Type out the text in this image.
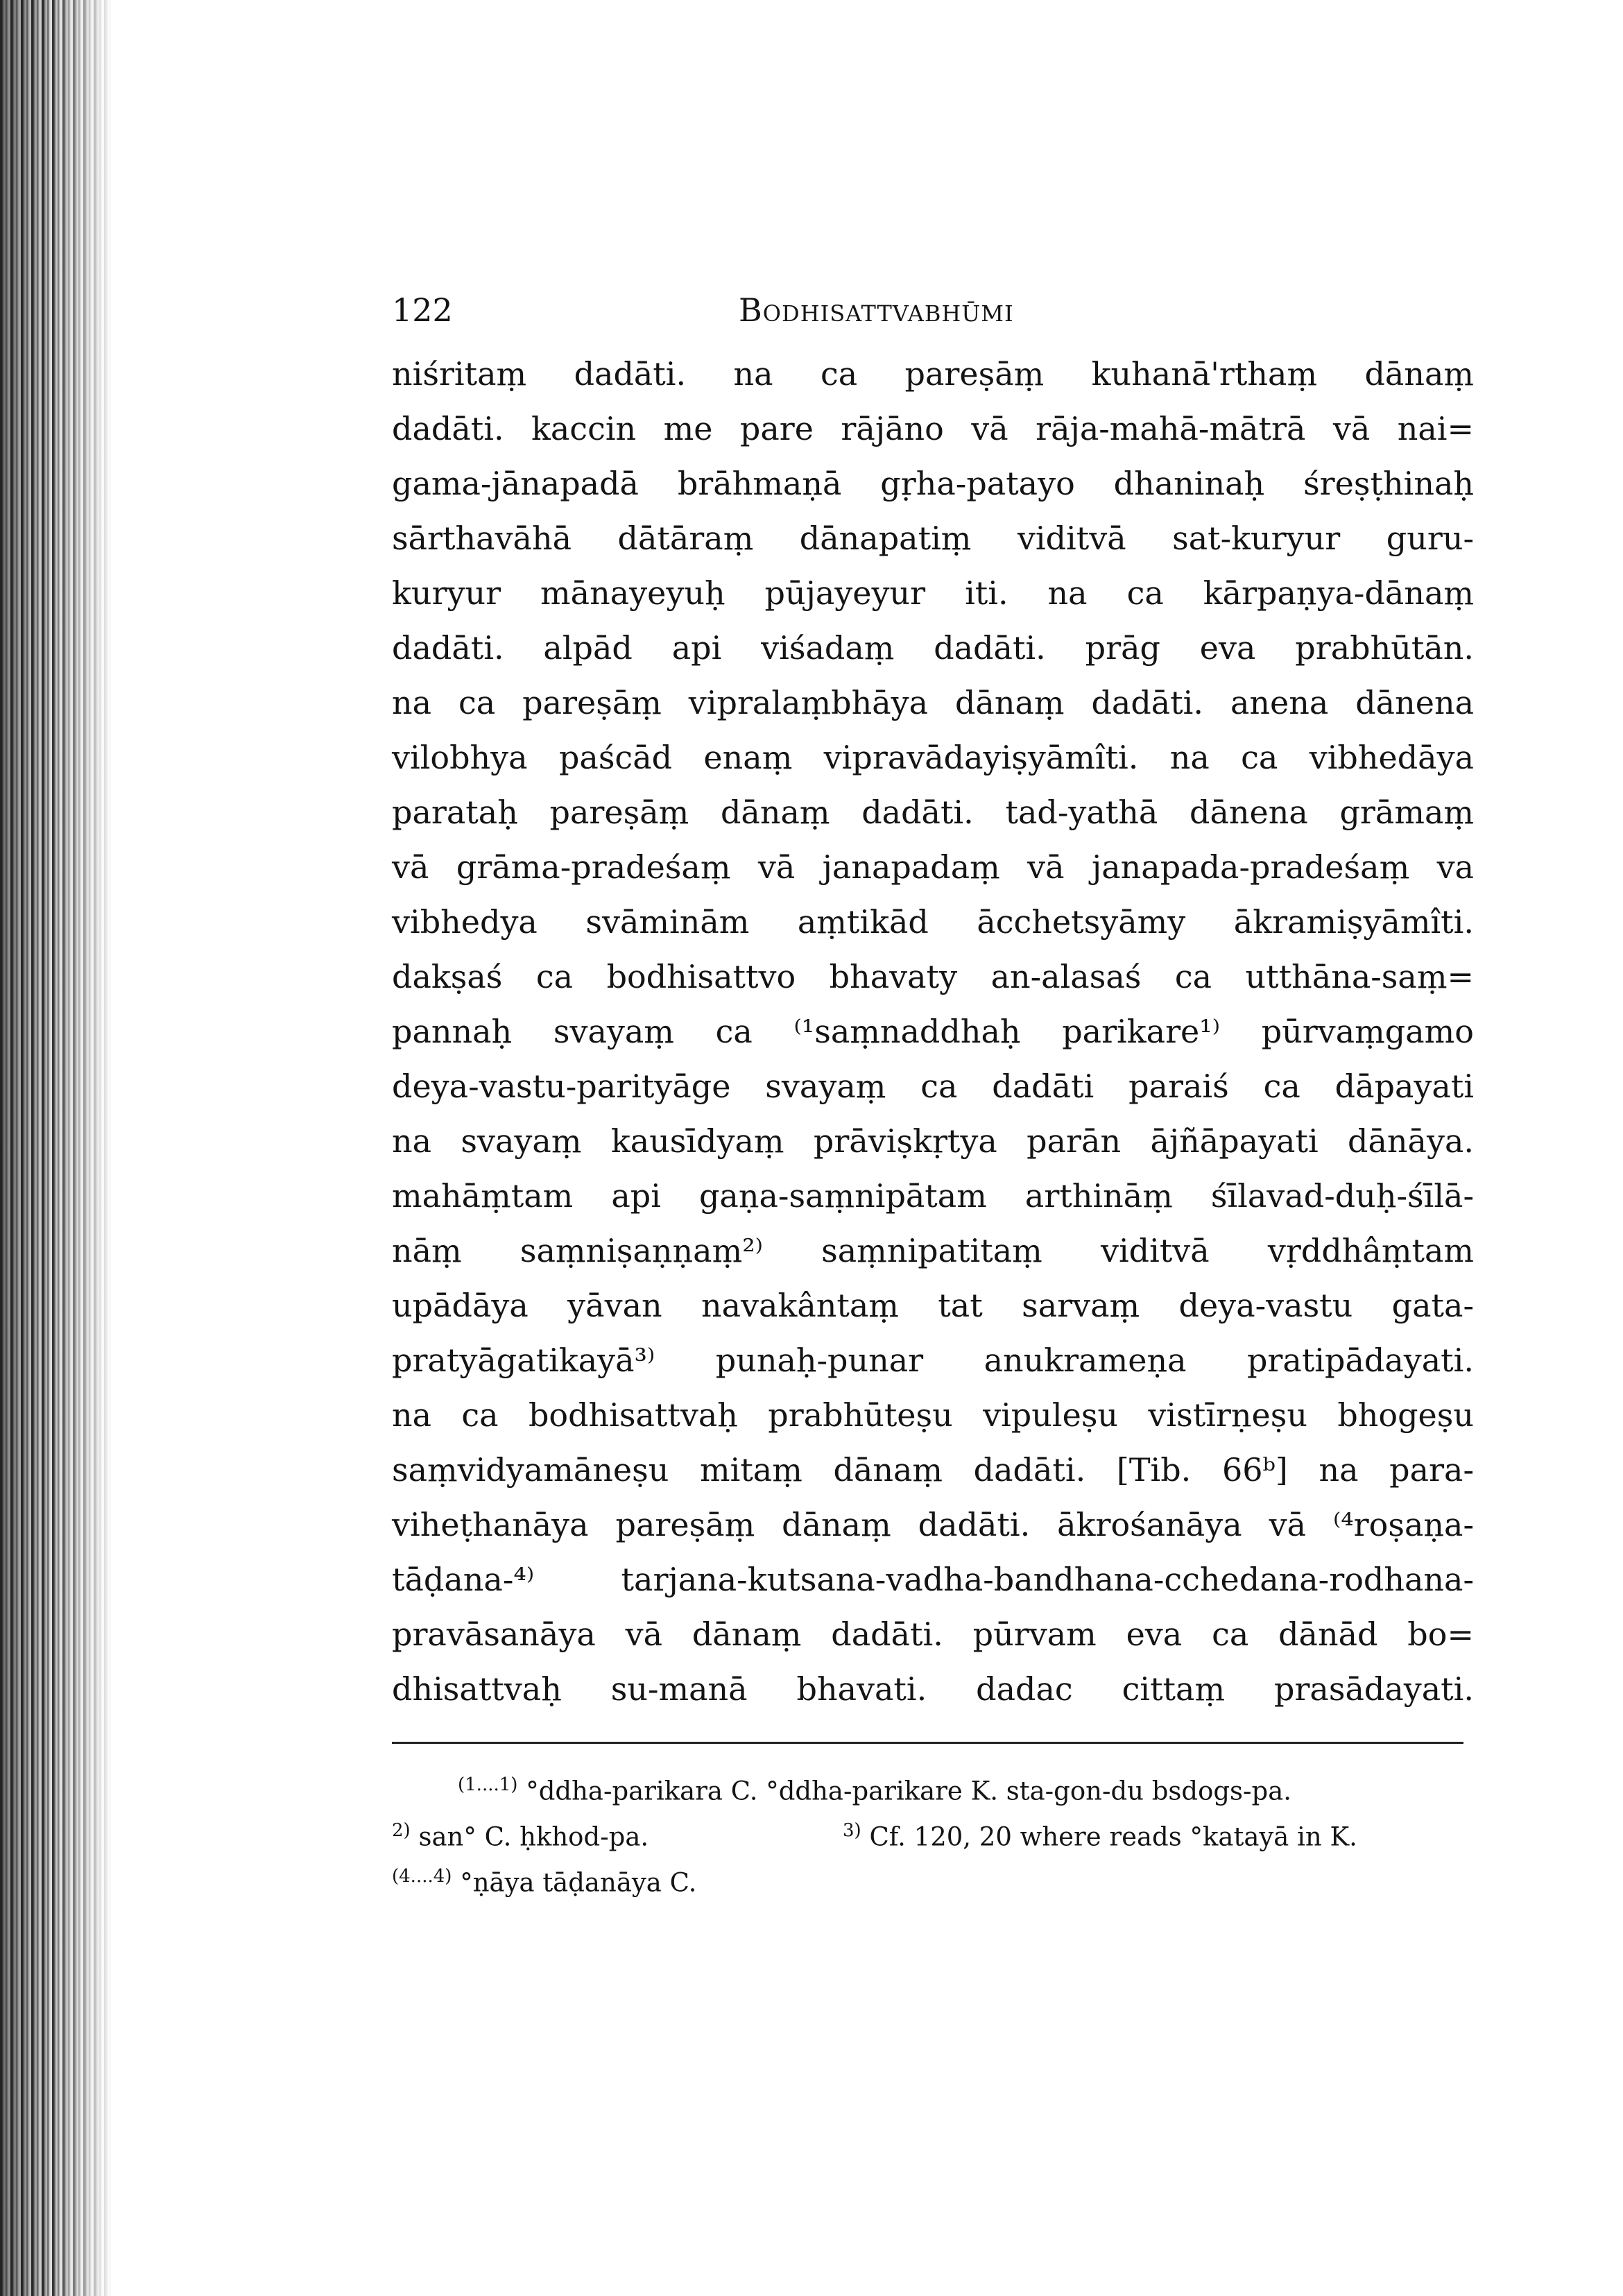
122	Bodhisattvabhūmi
niśritaṃ dadāti. na ca pareṣāṃ kuhanā'rthaṃ dānaṃ
dadāti. kaccin me pare rājāno vā rāja-mahā-mātrā vā nai=
gama-jānapadā brāhmaṇā gṛha-patayo dhaninaḥ śreṣṭhinaḥ
sārthavāhā dātāraṃ dānapatiṃ viditvā sat-kuryur guru-
kuryur mānayeyuḥ pūjayeyur iti. na ca kārpaṇya-dānaṃ
dadāti. alpād api viśadaṃ dadāti. prāg eva prabhūtān.
na ca pareṣāṃ vipralaṃbhāya dānaṃ dadāti. anena dānena
vilobhya paścād enaṃ vipravādayiṣyāmîti. na ca vibhedāya
parataḥ pareṣāṃ dānaṃ dadāti. tad-yathā dānena grāmaṃ
vā grāma-pradeśaṃ vā janapadaṃ vā janapada-pradeśaṃ va
vibhedya svāminām aṃtikād ācchetsyāmy ākramiṣyāmîti.
dakṣaś ca bodhisattvo bhavaty an-alasaś ca utthāna-saṃ=
pannaḥ svayaṃ ca ⁽¹saṃnaddhaḥ parikare¹⁾ pūrvaṃgamo
deya-vastu-parityāge svayaṃ ca dadāti paraiś ca dāpayati
na svayaṃ kausīdyaṃ prāviṣkṛtya parān ājñāpayati dānāya.
mahāṃtam api gaṇa-saṃnipātam arthināṃ śīlavad-duḥ-śīlā-
nāṃ saṃniṣaṇṇaṃ²⁾ saṃnipatitaṃ viditvā vṛddhâṃtam
upādāya yāvan navakântaṃ tat sarvaṃ deya-vastu gata-
pratyāgatikayā³⁾ punaḥ-punar anukrameṇa pratipādayati.
na ca bodhisattvaḥ prabhūteṣu vipuleṣu vistīrṇeṣu bhogeṣu
saṃvidyamāneṣu mitaṃ dānaṃ dadāti. [Tib. 66ᵇ] na para-
viheṭhanāya pareṣāṃ dānaṃ dadāti. ākrośanāya vā ⁽⁴roṣaṇa-
tāḍana-⁴⁾ tarjana-kutsana-vadha-bandhana-cchedana-rodhana-
pravāsanāya vā dānaṃ dadāti. pūrvam eva ca dānād bo=
dhisattvaḥ su-manā bhavati. dadac cittaṃ prasādayati.
$^{(1....1)}$ °ddha-parikara C. °ddha-parikare K. sta-gon-du bsdogs-pa.
$^{2)}$ san° C. ḥkhod-pa.	$^{3)}$ Cf. 120, 20 where reads °katayā in K.
$^{(4....4)}$ °ṇāya tāḍanāya C.
